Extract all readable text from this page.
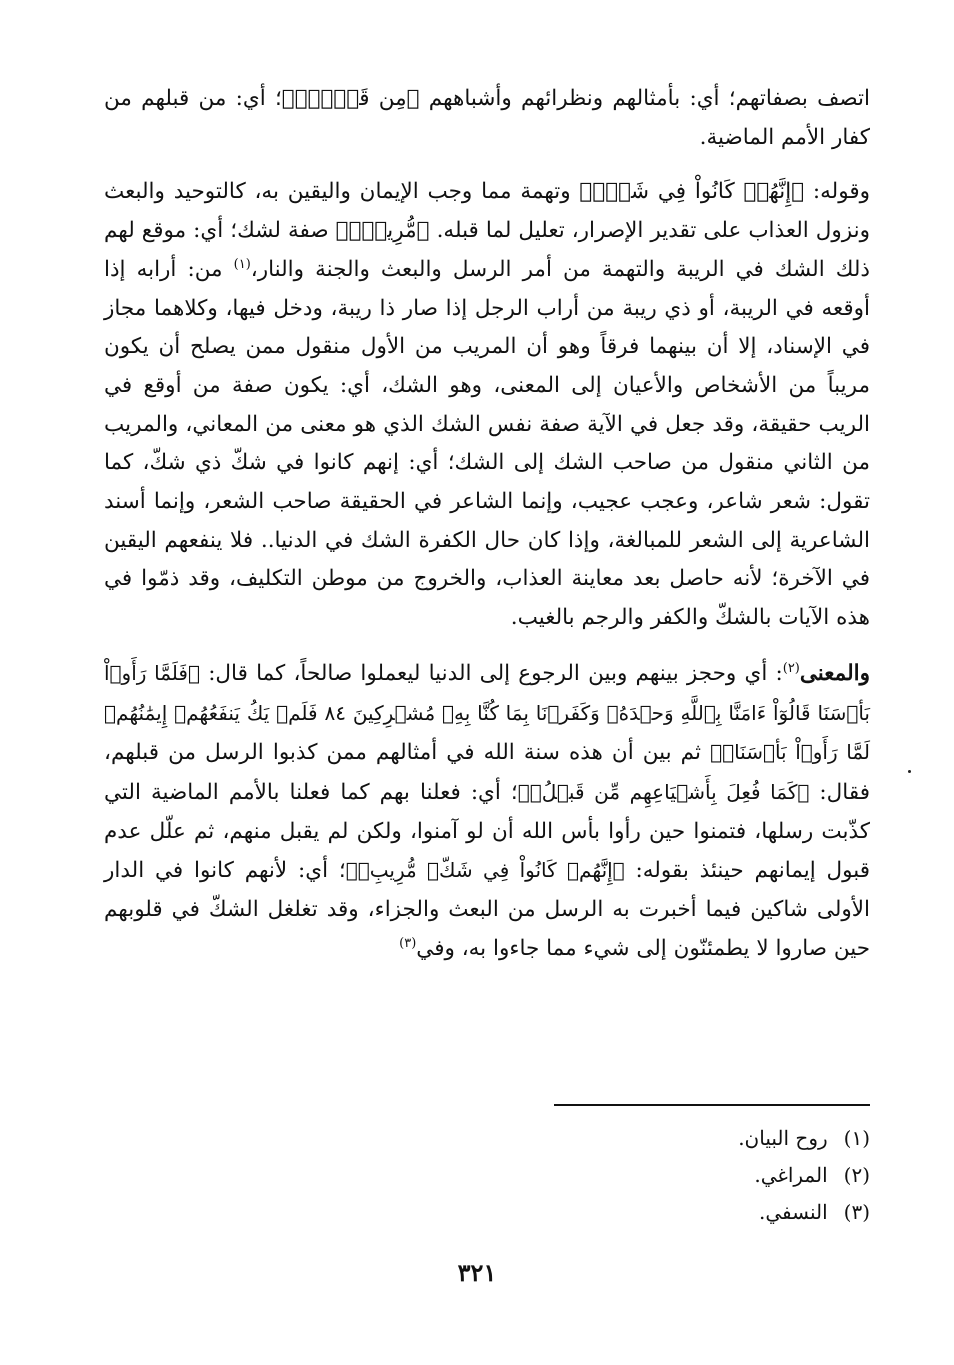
اتصف بصفاتهم؛ أي: بأمثالهم ونظرائهم وأشباههم ﴿مِن قَبۡلُۚ﴾؛ أي: من قبلهم من كفار الأمم الماضية.

وقوله: ﴿إِنَّهُمۡ كَانُواْ فِي شَكّٖ﴾ وتهمة مما وجب الإيمان واليقين به، كالتوحيد والبعث ونزول العذاب على تقدير الإصرار، تعليل لما قبله. ﴿مُّرِيبِۭ﴾ صفة لشك؛ أي: موقع لهم ذلك الشك في الريبة والتهمة من أمر الرسل والبعث والجنة والنار،$^{(١)}$ من: أرابه إذا أوقعه في الريبة، أو ذي ريبة من أراب الرجل إذا صار ذا ريبة، ودخل فيها، وكلاهما مجاز في الإسناد، إلا أن بينهما فرقاً وهو أن المريب من الأول منقول ممن يصلح أن يكون مريباً من الأشخاص والأعيان إلى المعنى، وهو الشك، أي: يكون صفة من أوقع في الريب حقيقة، وقد جعل في الآية صفة نفس الشك الذي هو معنى من المعاني، والمريب من الثاني منقول من صاحب الشك إلى الشك؛ أي: إنهم كانوا في شكّ ذي شكّ، كما تقول: شعر شاعر، وعجب عجيب، وإنما الشاعر في الحقيقة صاحب الشعر، وإنما أسند الشاعرية إلى الشعر للمبالغة، وإذا كان حال الكفرة الشك في الدنيا.. فلا ينفعهم اليقين في الآخرة؛ لأنه حاصل بعد معاينة العذاب، والخروج من موطن التكليف، وقد ذمّوا في هذه الآيات بالشكّ والكفر والرجم بالغيب.

والمعنى$^{(٢)}$: أي وحجز بينهم وبين الرجوع إلى الدنيا ليعملوا صالحاً، كما قال: ﴿فَلَمَّا رَأَوۡاْ بَأۡسَنَا قَالُوٓاْ ءَامَنَّا بِٱللَّهِ وَحۡدَهُۥ وَكَفَرۡنَا بِمَا كُنَّا بِهِۦ مُشۡرِكِينَ ٨٤ فَلَمۡ يَكُ يَنفَعُهُمۡ إِيمَٰنُهُمۡ لَمَّا رَأَوۡاْ بَأۡسَنَاۖ﴾ ثم بين أن هذه سنة الله في أمثالهم ممن كذبوا الرسل من قبلهم، فقال: ﴿كَمَا فُعِلَ بِأَشۡيَاعِهِم مِّن قَبۡلُۚ﴾؛ أي: فعلنا بهم كما فعلنا بالأمم الماضية التي كذّبت رسلها، فتمنوا حين رأوا بأس الله أن لو آمنوا، ولكن لم يقبل منهم، ثم علّل عدم قبول إيمانهم حينئذ بقوله: ﴿إِنَّهُمۡ كَانُواْ فِي شَكّٖ مُّرِيبِۭ﴾؛ أي: لأنهم كانوا في الدار الأولى شاكين فيما أخبرت به الرسل من البعث والجزاء، وقد تغلغل الشكّ في قلوبهم حين صاروا لا يطمئنّون إلى شيء مما جاءوا به، وفي$^{(٣)}$

(١) روح البيان.
(٢) المراغي.
(٣) النسفي.
٣٢١
